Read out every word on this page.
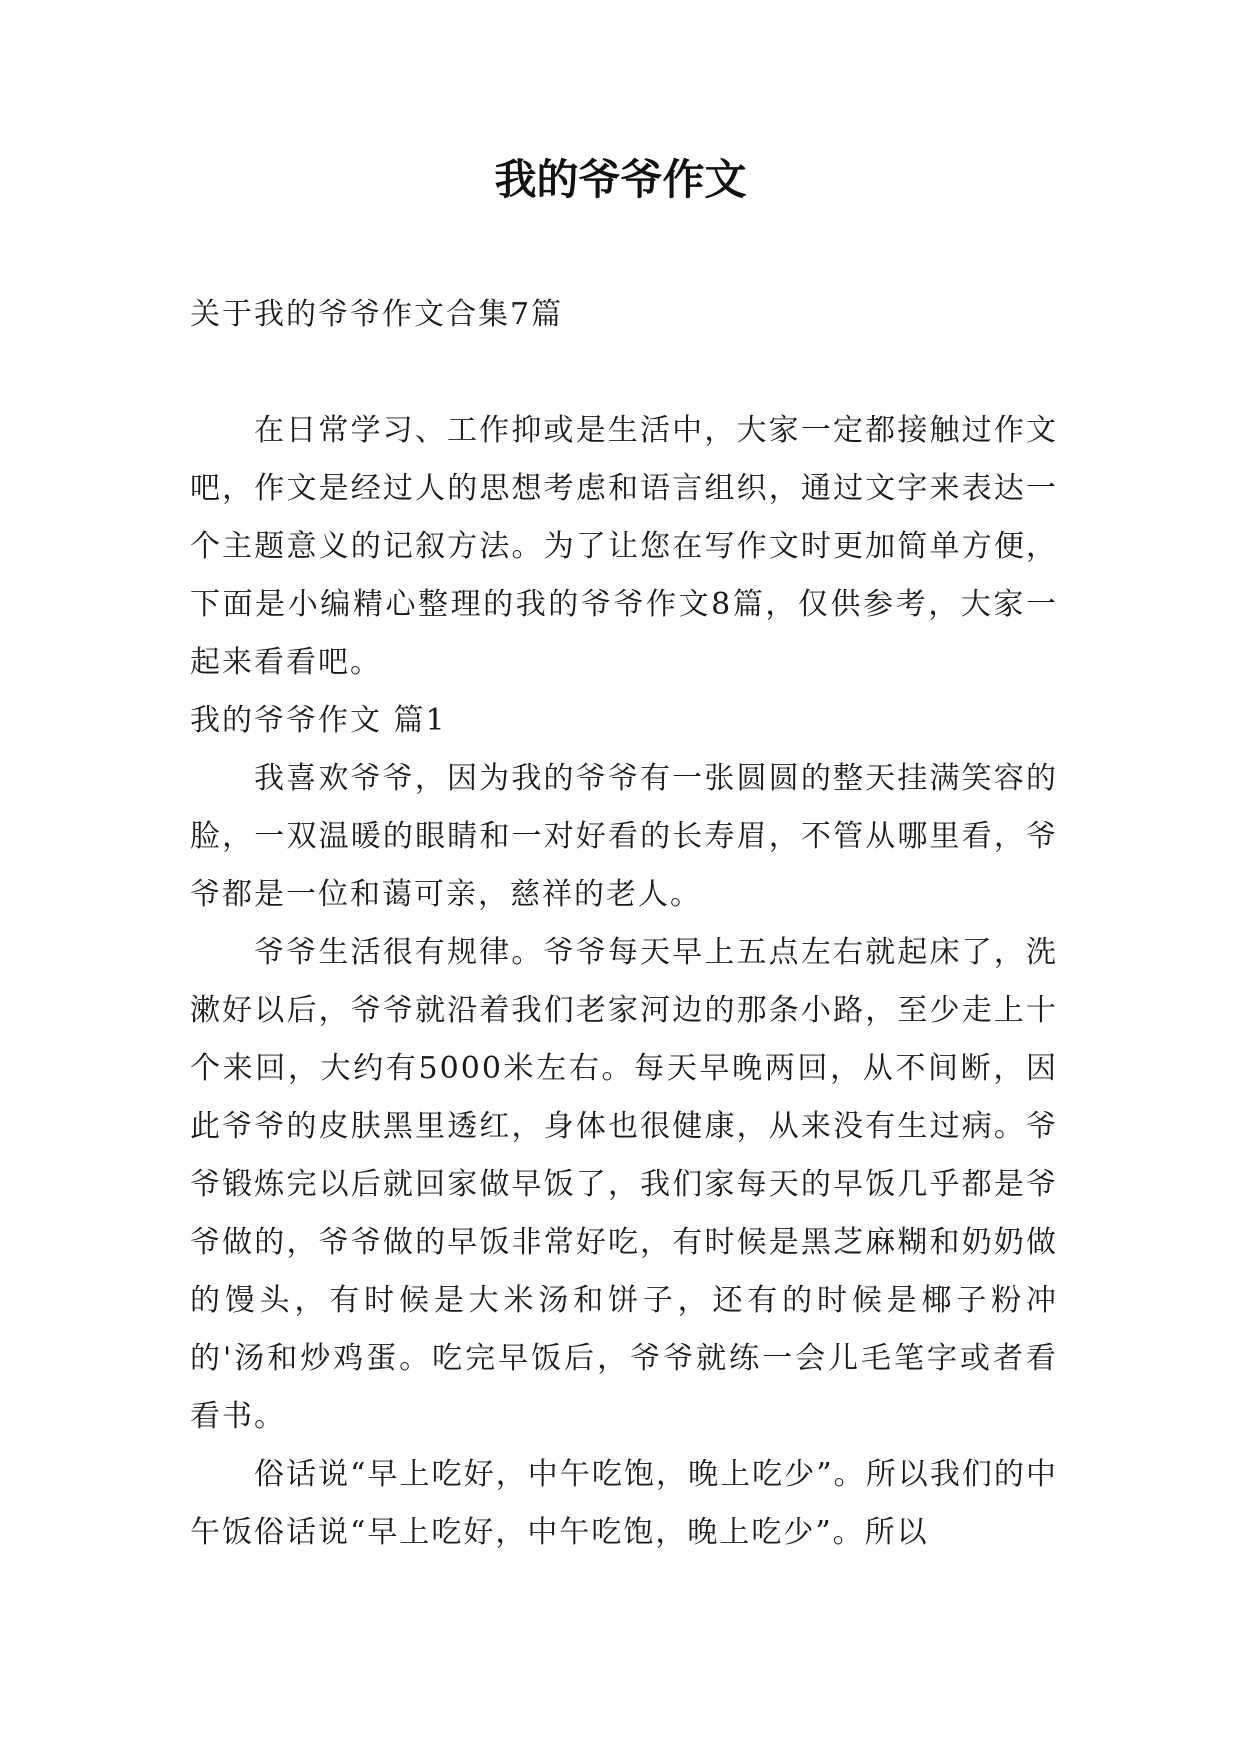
我的爷爷作文

关于我的爷爷作文合集7篇

在日常学习、工作抑或是生活中，大家一定都接触过作文吧，作文是经过人的思想考虑和语言组织，通过文字来表达一个主题意义的记叙方法。为了让您在写作文时更加简单方便，下面是小编精心整理的我的爷爷作文8篇，仅供参考，大家一起来看看吧。

我的爷爷作文 篇1

我喜欢爷爷，因为我的爷爷有一张圆圆的整天挂满笑容的脸，一双温暖的眼睛和一对好看的长寿眉，不管从哪里看，爷爷都是一位和蔼可亲，慈祥的老人。

爷爷生活很有规律。爷爷每天早上五点左右就起床了，洗漱好以后，爷爷就沿着我们老家河边的那条小路，至少走上十个来回，大约有5000米左右。每天早晚两回，从不间断，因此爷爷的皮肤黑里透红，身体也很健康，从来没有生过病。爷爷锻炼完以后就回家做早饭了，我们家每天的早饭几乎都是爷爷做的，爷爷做的早饭非常好吃，有时候是黑芝麻糊和奶奶做的馒头，有时候是大米汤和饼子，还有的时候是椰子粉冲的'汤和炒鸡蛋。吃完早饭后，爷爷就练一会儿毛笔字或者看看书。

俗话说“早上吃好，中午吃饱，晚上吃少”。所以我们的中午饭俗话说“早上吃好，中午吃饱，晚上吃少”。所以
